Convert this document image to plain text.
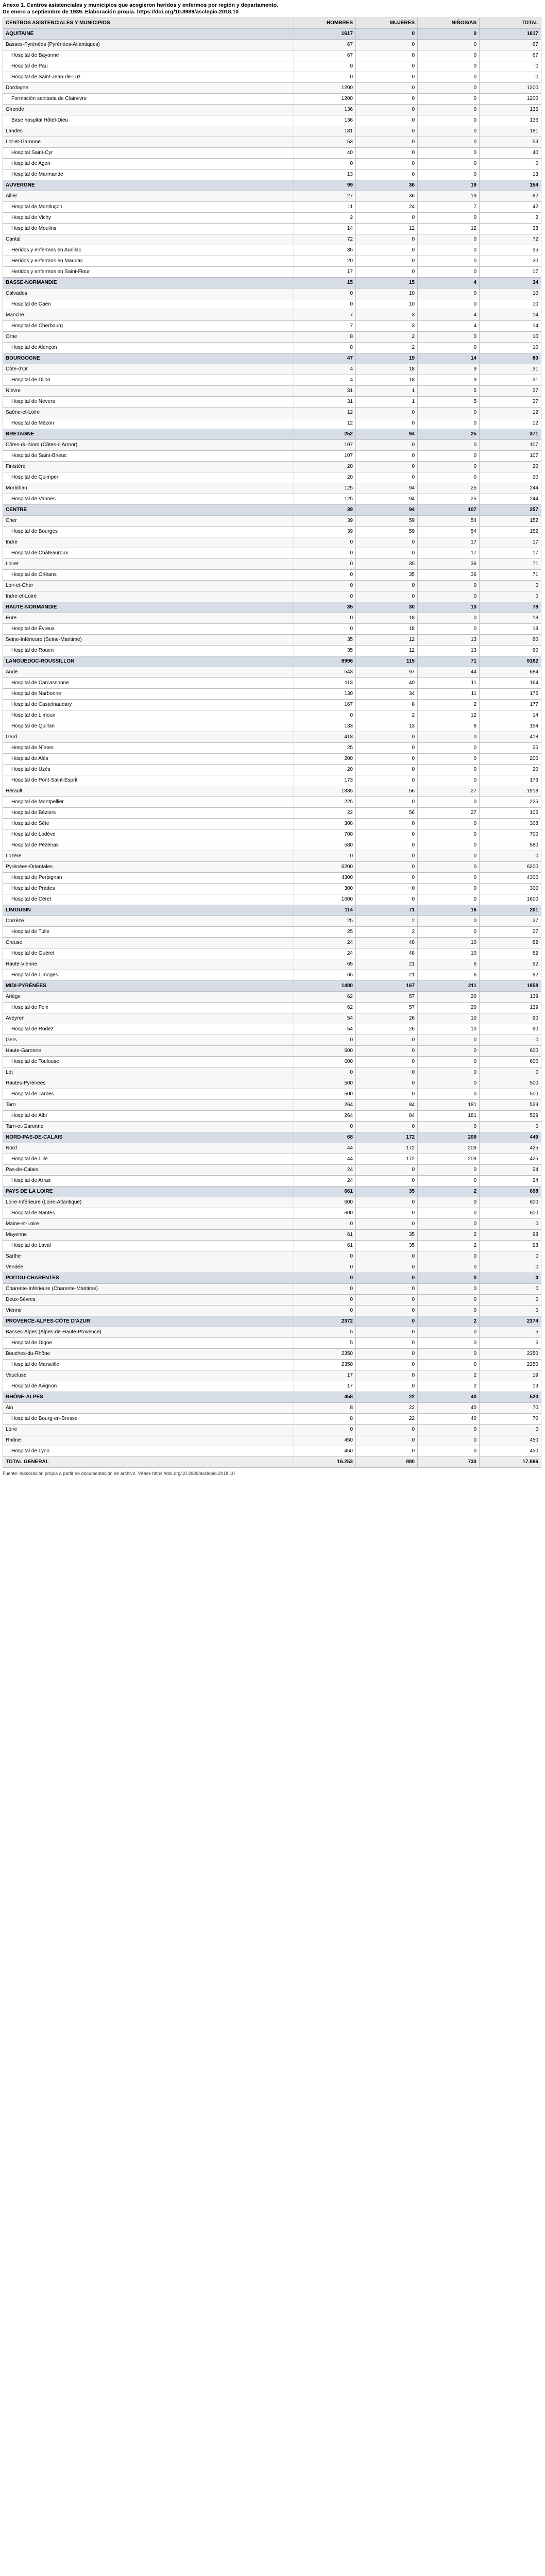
Anexo 1. Centros asistenciales y municipios que acogieron heridos y enfermos por región y departamento.
De enero a septiembre de 1939. Elaboración propia. https://doi.org/10.3989/asclepio.2018.10
CENTROS ASISTENCIALES Y MUNICIPIOS	HOMBRES	MUJERES	NIÑOS/AS	TOTAL
AQUITAINE	1617	0	0	1617
Basses-Pyrénées (Pyrénées-Atlantiques)	67	0	0	67
Hospital de Bayonne	67	0	0	67
Hospital de Pau	0	0	0	0
Hospital de Saint-Jean-de-Luz	0	0	0	0
Dordogne	1200	0	0	1200
Formación sanitaria de Clairvivre	1200	0	0	1200
Gironde	136	0	0	136
Base hospital Hôtel-Dieu	136	0	0	136
Landes	181	0	0	181
Lot-et-Garonne	53	0	0	53
Hospital Saint-Cyr	40	0	0	40
Hospital de Agen	0	0	0	0
Hospital de Marmande	13	0	0	13
AUVERGNE	99	36	19	154
Allier	27	36	19	82
Hospital de Montluçon	11	24	7	42
Hospital de Vichy	2	0	0	2
Hospital de Moulins	14	12	12	38
Cantal	72	0	0	72
Heridos y enfermos en Aurillac	35	0	0	35
Heridos y enfermos en Mauriac	20	0	0	20
Heridos y enfermos en Saint-Flour	17	0	0	17
BASSE-NORMANDIE	15	15	4	34
Calvados	0	10	0	10
Hospital de Caen	0	10	0	10
Manche	7	3	4	14
Hospital de Cherbourg	7	3	4	14
Orne	8	2	0	10
Hospital de Alençon	8	2	0	10
BOURGOGNE	47	19	14	80
Côte-d'Or	4	18	9	31
Hospital de Dijon	4	18	9	31
Nièvre	31	1	5	37
Hospital de Nevers	31	1	5	37
Saône-et-Loire	12	0	0	12
Hospital de Mâcon	12	0	0	12
BRETAGNE	252	94	25	371
Côtes-du-Nord (Côtes-d'Armor)	107	0	0	107
Hospital de Saint-Brieuc	107	0	0	107
Finistère	20	0	0	20
Hospital de Quimper	20	0	0	20
Morbihan	125	94	25	244
Hospital de Vannes	125	94	25	244
CENTRE	39	94	107	257
Cher	39	59	54	152
Hospital de Bourges	39	59	54	152
Indre	0	0	17	17
Hospital de Châteauroux	0	0	17	17
Loiret	0	35	36	71
Hospital de Orléans	0	35	36	71
Loir-et-Cher	0	0	0	0
Indre-et-Loire	0	0	0	0
HAUTE-NORMANDIE	35	30	13	78
Eure	0	18	0	18
Hospital de Évreux	0	18	0	18
Seine-Inférieure (Seine-Maritime)	35	12	13	60
Hospital de Rouen	35	12	13	60
LANGUEDOC-ROUSSILLON	8996	115	71	9182
Aude	543	97	44	684
Hospital de Carcassonne	113	40	11	164
Hospital de Narbonne	130	34	11	175
Hospital de Castelnaudary	167	8	2	177
Hospital de Limoux	0	2	12	14
Hospital de Quillan	133	13	8	154
Gard	418	0	0	418
Hospital de Nîmes	25	0	0	25
Hospital de Alès	200	0	0	200
Hospital de Uzès	20	0	0	20
Hospital de Pont-Saint-Esprit	173	0	0	173
Hérault	1835	56	27	1918
Hospital de Montpellier	225	0	0	225
Hospital de Béziers	22	56	27	105
Hospital de Sète	308	0	0	308
Hospital de Lodève	700	0	0	700
Hospital de Pézenas	580	0	0	580
Lozère	0	0	0	0
Pyrénées-Orientales	6200	0	0	6200
Hospital de Perpignan	4300	0	0	4300
Hospital de Prades	300	0	0	300
Hospital de Céret	1600	0	0	1600
LIMOUSIN	114	71	16	201
Corrèze	25	2	0	27
Hospital de Tulle	25	2	0	27
Creuse	24	48	10	82
Hospital de Guéret	24	48	10	82
Haute-Vienne	65	21	6	92
Hospital de Limoges	65	21	6	92
MIDI-PYRÉNÉES	1480	167	211	1858
Ariège	62	57	20	139
Hospital de Foix	62	57	20	139
Aveyron	54	26	10	90
Hospital de Rodez	54	26	10	90
Gers	0	0	0	0
Haute-Garonne	600	0	0	600
Hospital de Toulouse	600	0	0	600
Lot	0	0	0	0
Hautes-Pyrénées	500	0	0	500
Hospital de Tarbes	500	0	0	500
Tarn	264	84	181	529
Hospital de Albi	264	84	181	529
Tarn-et-Garonne	0	0	0	0
NORD-PAS-DE-CALAIS	68	172	209	449
Nord	44	172	209	425
Hospital de Lille	44	172	209	425
Pas-de-Calais	24	0	0	24
Hospital de Arras	24	0	0	24
PAYS DE LA LOIRE	661	35	2	698
Loire-Inférieure (Loire-Atlantique)	600	0	0	600
Hospital de Nantes	600	0	0	600
Maine-et-Loire	0	0	0	0
Mayenne	61	35	2	98
Hospital de Laval	61	35	2	98
Sarthe	0	0	0	0
Vendée	0	0	0	0
POITOU-CHARENTES	0	0	0	0
Charente-Inférieure (Charente-Maritime)	0	0	0	0
Deux-Sèvres	0	0	0	0
Vienne	0	0	0	0
PROVENCE-ALPES-CÔTE D'AZUR	2372	0	2	2374
Basses-Alpes (Alpes-de-Haute-Provence)	5	0	0	5
Hospital de Digne	5	0	0	5
Bouches-du-Rhône	2350	0	0	2350
Hospital de Marseille	2350	0	0	2350
Vaucluse	17	0	2	19
Hospital de Avignon	17	0	2	19
RHÔNE-ALPES	458	22	40	520
Ain	8	22	40	70
Hospital de Bourg-en-Bresse	8	22	40	70
Loire	0	0	0	0
Rhône	450	0	0	450
Hospital de Lyon	450	0	0	450
TOTAL GENERAL	16.253	880	733	17.866
Fuente: elaboración propia a partir de documentación de archivo. Véase https://doi.org/10.3989/asclepio.2018.10
